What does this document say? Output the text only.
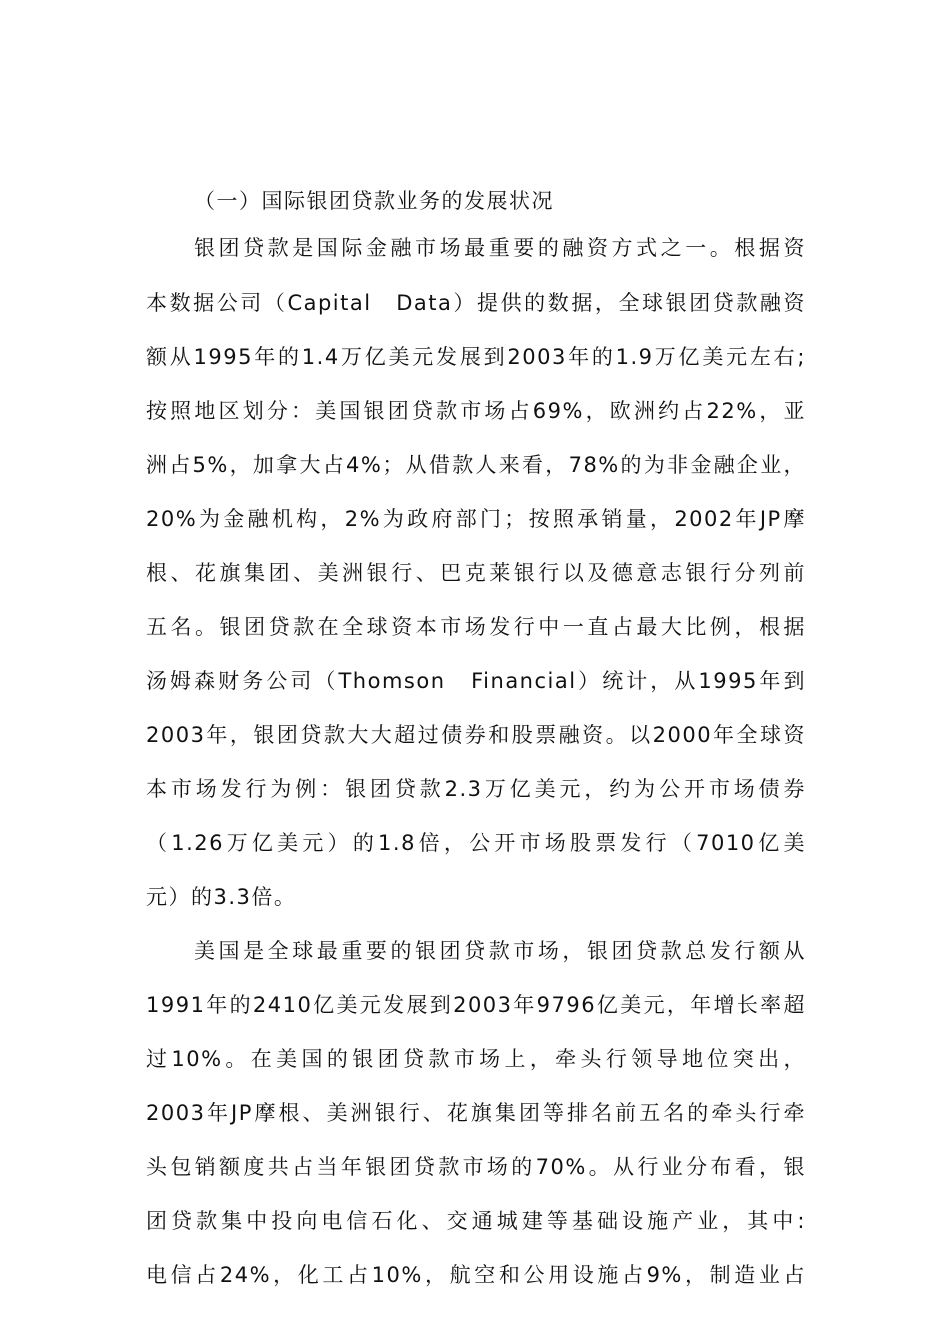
（一）国际银团贷款业务的发展状况
银团贷款是国际金融市场最重要的融资方式之一。根据资
本数据公司（Capital　Data）提供的数据，全球银团贷款融资
额从1995年的1.4万亿美元发展到2003年的1.9万亿美元左右;
按照地区划分：美国银团贷款市场占69%，欧洲约占22%，亚
洲占5%，加拿大占4%；从借款人来看，78%的为非金融企业，
20%为金融机构，2%为政府部门；按照承销量，2002年JP摩
根、花旗集团、美洲银行、巴克莱银行以及德意志银行分列前
五名。银团贷款在全球资本市场发行中一直占最大比例，根据
汤姆森财务公司（Thomson　Financial）统计，从1995年到
2003年，银团贷款大大超过债券和股票融资。以2000年全球资
本市场发行为例：银团贷款2.3万亿美元，约为公开市场债券
（1.26万亿美元）的1.8倍，公开市场股票发行（7010亿美
元）的3.3倍。
美国是全球最重要的银团贷款市场，银团贷款总发行额从
1991年的2410亿美元发展到2003年9796亿美元，年增长率超
过10%。在美国的银团贷款市场上，牵头行领导地位突出，
2003年JP摩根、美洲银行、花旗集团等排名前五名的牵头行牵
头包销额度共占当年银团贷款市场的70%。从行业分布看，银
团贷款集中投向电信石化、交通城建等基础设施产业，其中:
电信占24%，化工占10%，航空和公用设施占9%，制造业占
